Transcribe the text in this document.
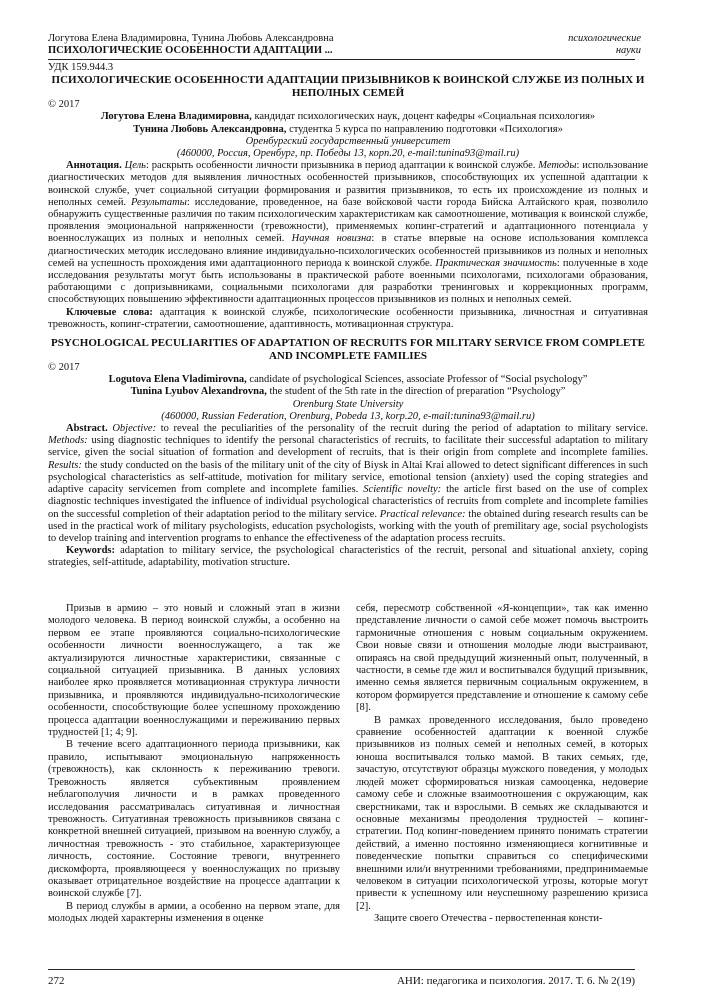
Логутова Елена Владимировна, Тунина Любовь Александровна
ПСИХОЛОГИЧЕСКИЕ ОСОБЕННОСТИ АДАПТАЦИИ ...
психологические
науки

УДК 159.944.3

ПСИХОЛОГИЧЕСКИЕ ОСОБЕННОСТИ АДАПТАЦИИ ПРИЗЫВНИКОВ К ВОИНСКОЙ СЛУЖБЕ ИЗ ПОЛНЫХ И НЕПОЛНЫХ СЕМЕЙ

© 2017

Логутова Елена Владимировна, кандидат психологических наук, доцент кафедры «Социальная психология»

Тунина Любовь Александровна, студентка 5 курса по направлению подготовки «Психология»

Оренбургский государственный университет

(460000, Россия, Оренбург, пр. Победы 13, корп.20, e-mail:tunina93@mail.ru)

Аннотация. Цель: раскрыть особенности личности призывника в период адаптации к воинской службе. Методы: использование диагностических методов для выявления личностных особенностей призывников, способствующих их успешной адаптации к воинской службе, учет социальной ситуации формирования и развития призывников, то есть их происхождение из полных и неполных семей. Результаты: исследование, проведенное, на базе войсковой части города Бийска Алтайского края, позволило обнаружить существенные различия по таким психологическим характеристикам как самоотношение, мотивация к воинской службе, проявления эмоциональной напряженности (тревожности), применяемых копинг-стратегий и адаптационного потенциала у военнослужащих из полных и неполных семей. Научная новизна: в статье впервые на основе использования комплекса диагностических методик исследовано влияние индивидуально-психологических особенностей призывников из полных и неполных семей на успешность прохождения ими адаптационного периода к воинской службе. Практическая значимость: полученные в ходе исследования результаты могут быть использованы в практической работе военными психологами, психологами образования, работающими с допризывниками, социальными психологами для разработки тренинговых и коррекционных программ, способствующих повышению эффективности адаптационных процессов призывников из полных и неполных семей.

Ключевые слова: адаптация к воинской службе, психологические особенности призывника, личностная и ситуативная тревожность, копинг-стратегии, самоотношение, адаптивность, мотивационная структура.

PSYCHOLOGICAL PECULIARITIES OF ADAPTATION OF RECRUITS FOR MILITARY SERVICE FROM COMPLETE AND INCOMPLETE FAMILIES

© 2017

Logutova Elena Vladimirovna, candidate of psychological Sciences, associate Professor of “Social psychology”

Tunina Lyubov Alexandrovna, the student of the 5th rate in the direction of preparation “Psychology”

Orenburg State University

(460000, Russian Federation, Orenburg, Pobeda 13, korp.20, e-mail:tunina93@mail.ru)

Abstract. Objective: to reveal the peculiarities of the personality of the recruit during the period of adaptation to military service. Methods: using diagnostic techniques to identify the personal characteristics of recruits, to facilitate their successful adaptation to military service, given the social situation of formation and development of recruits, that is their origin from complete and incomplete families. Results: the study conducted on the basis of the military unit of the city of Biysk in Altai Krai allowed to detect significant differences in such psychological characteristics as self-attitude, motivation for military service, emotional tension (anxiety) used the coping strategies and adaptive capacity servicemen from complete and incomplete families. Scientific novelty: the article first based on the use of complex diagnostic techniques investigated the influence of individual psychological characteristics of recruits from complete and incomplete families on the successful completion of their adaptation period to the military service. Practical relevance: the obtained during research results can be used in the practical work of military psychologists, education psychologists, working with the youth of premilitary age, social psychologists to develop training and intervention programs to enhance the effectiveness of the adaptation process recruits.

Keywords: adaptation to military service, the psychological characteristics of the recruit, personal and situational anxiety, coping strategies, self-attitude, adaptability, motivation structure.

Призыв в армию – это новый и сложный этап в жизни молодого человека. В период воинской службы, а особенно на первом ее этапе проявляются социально-психологические особенности личности военнослужащего, а так же актуализируются личностные характеристики, связанные с социальной ситуацией призывника. В данных условиях наиболее ярко проявляется мотивационная структура личности призывника, и проявляются индивидуально-психологические особенности, способствующие более успешному прохождению процесса адаптации военнослужащими и переживанию первых трудностей [1; 4; 9].

В течение всего адаптационного периода призывники, как правило, испытывают эмоциональную напряженность (тревожность), как склонность к переживанию тревоги. Тревожность является субъективным проявлением неблагополучия личности и в рамках проведенного исследования рассматривалась ситуативная и личностная тревожность. Ситуативная тревожность призывников связана с конкретной внешней ситуацией, призывом на военную службу, а личностная тревожность - это стабильное, характеризующее личность, состояние. Состояние тревоги, внутреннего дискомфорта, проявляющееся у военнослужащих по призыву оказывает отрицательное воздействие на процессе адаптации к воинской службе [7].

В период службы в армии, а особенно на первом этапе, для молодых людей характерны изменения в оценке

себя, пересмотр собственной «Я-концепции», так как именно представление личности о самой себе может помочь выстроить гармоничные отношения с новым социальным окружением. Свои новые связи и отношения молодые люди выстраивают, опираясь на свой предыдущий жизненный опыт, полученный, в частности, в семье где жил и воспитывался будущий призывник, именно семья является первичным социальным окружением, в котором формируется представление и отношение к самому себе [8].

В рамках проведенного исследования, было проведено сравнение особенностей адаптации к военной службе призывников из полных семей и неполных семей, в которых юноша воспитывался только мамой. В таких семьях, где, зачастую, отсутствуют образцы мужского поведения, у молодых людей может сформироваться низкая самооценка, недоверие самому себе и сложные взаимоотношения с окружающим, как сверстниками, так и взрослыми. В семьях же складываются и основные механизмы преодоления трудностей – копинг-стратегии. Под копинг-поведением принято понимать стратегии действий, а именно постоянно изменяющиеся когнитивные и поведенческие попытки справиться со специфическими внешними или/и внутренними требованиями, предпринимаемые человеком в ситуации психологической угрозы, которые могут привести к успешному или неуспешному разрешению кризиса [2].

Защите своего Отечества - первостепенная консти-

272	АНИ: педагогика и психология. 2017. Т. 6. № 2(19)
